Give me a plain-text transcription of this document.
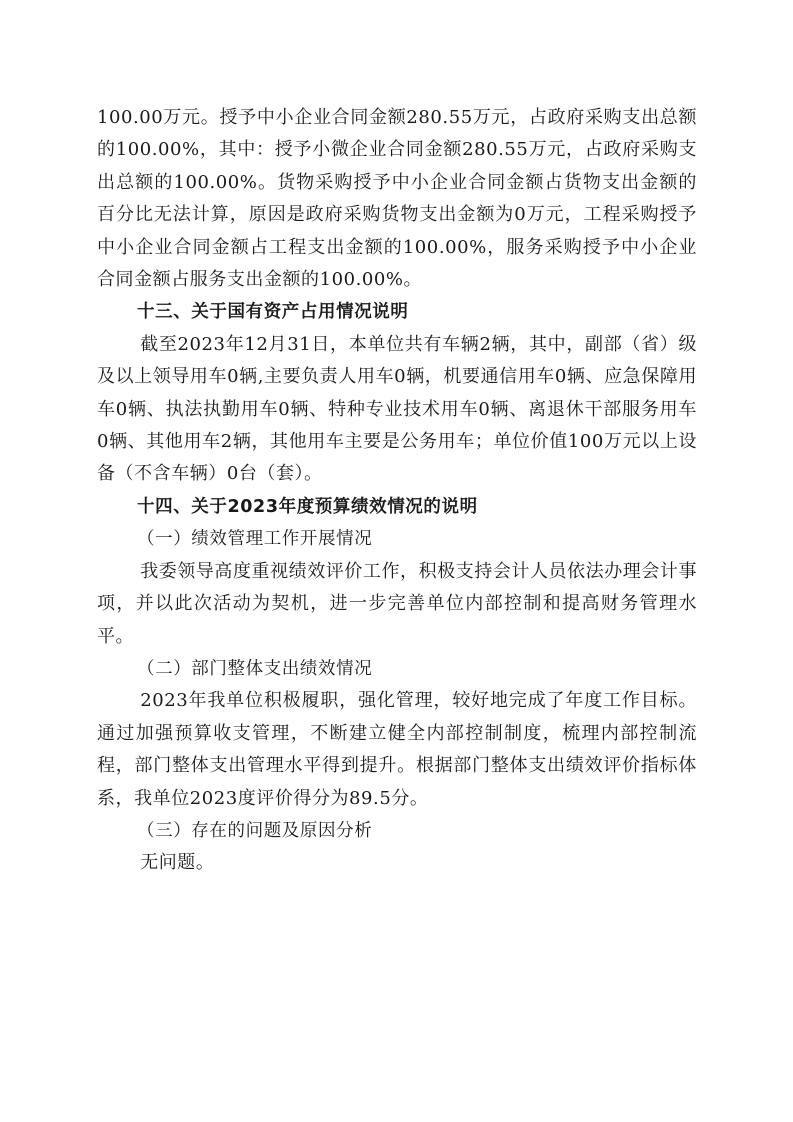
100.00万元。授予中小企业合同金额280.55万元，占政府采购支出总额的100.00%，其中：授予小微企业合同金额280.55万元，占政府采购支出总额的100.00%。货物采购授予中小企业合同金额占货物支出金额的百分比无法计算，原因是政府采购货物支出金额为0万元，工程采购授予中小企业合同金额占工程支出金额的100.00%，服务采购授予中小企业合同金额占服务支出金额的100.00%。

十三、关于国有资产占用情况说明

截至2023年12月31日，本单位共有车辆2辆，其中，副部（省）级及以上领导用车0辆,主要负责人用车0辆，机要通信用车0辆、应急保障用车0辆、执法执勤用车0辆、特种专业技术用车0辆、离退休干部服务用车0辆、其他用车2辆，其他用车主要是公务用车；单位价值100万元以上设备（不含车辆）0台（套）。

十四、关于2023年度预算绩效情况的说明

（一）绩效管理工作开展情况

我委领导高度重视绩效评价工作，积极支持会计人员依法办理会计事项，并以此次活动为契机，进一步完善单位内部控制和提高财务管理水平。

（二）部门整体支出绩效情况

2023年我单位积极履职，强化管理，较好地完成了年度工作目标。通过加强预算收支管理，不断建立健全内部控制制度，梳理内部控制流程，部门整体支出管理水平得到提升。根据部门整体支出绩效评价指标体系，我单位2023度评价得分为89.5分。

（三）存在的问题及原因分析

无问题。
